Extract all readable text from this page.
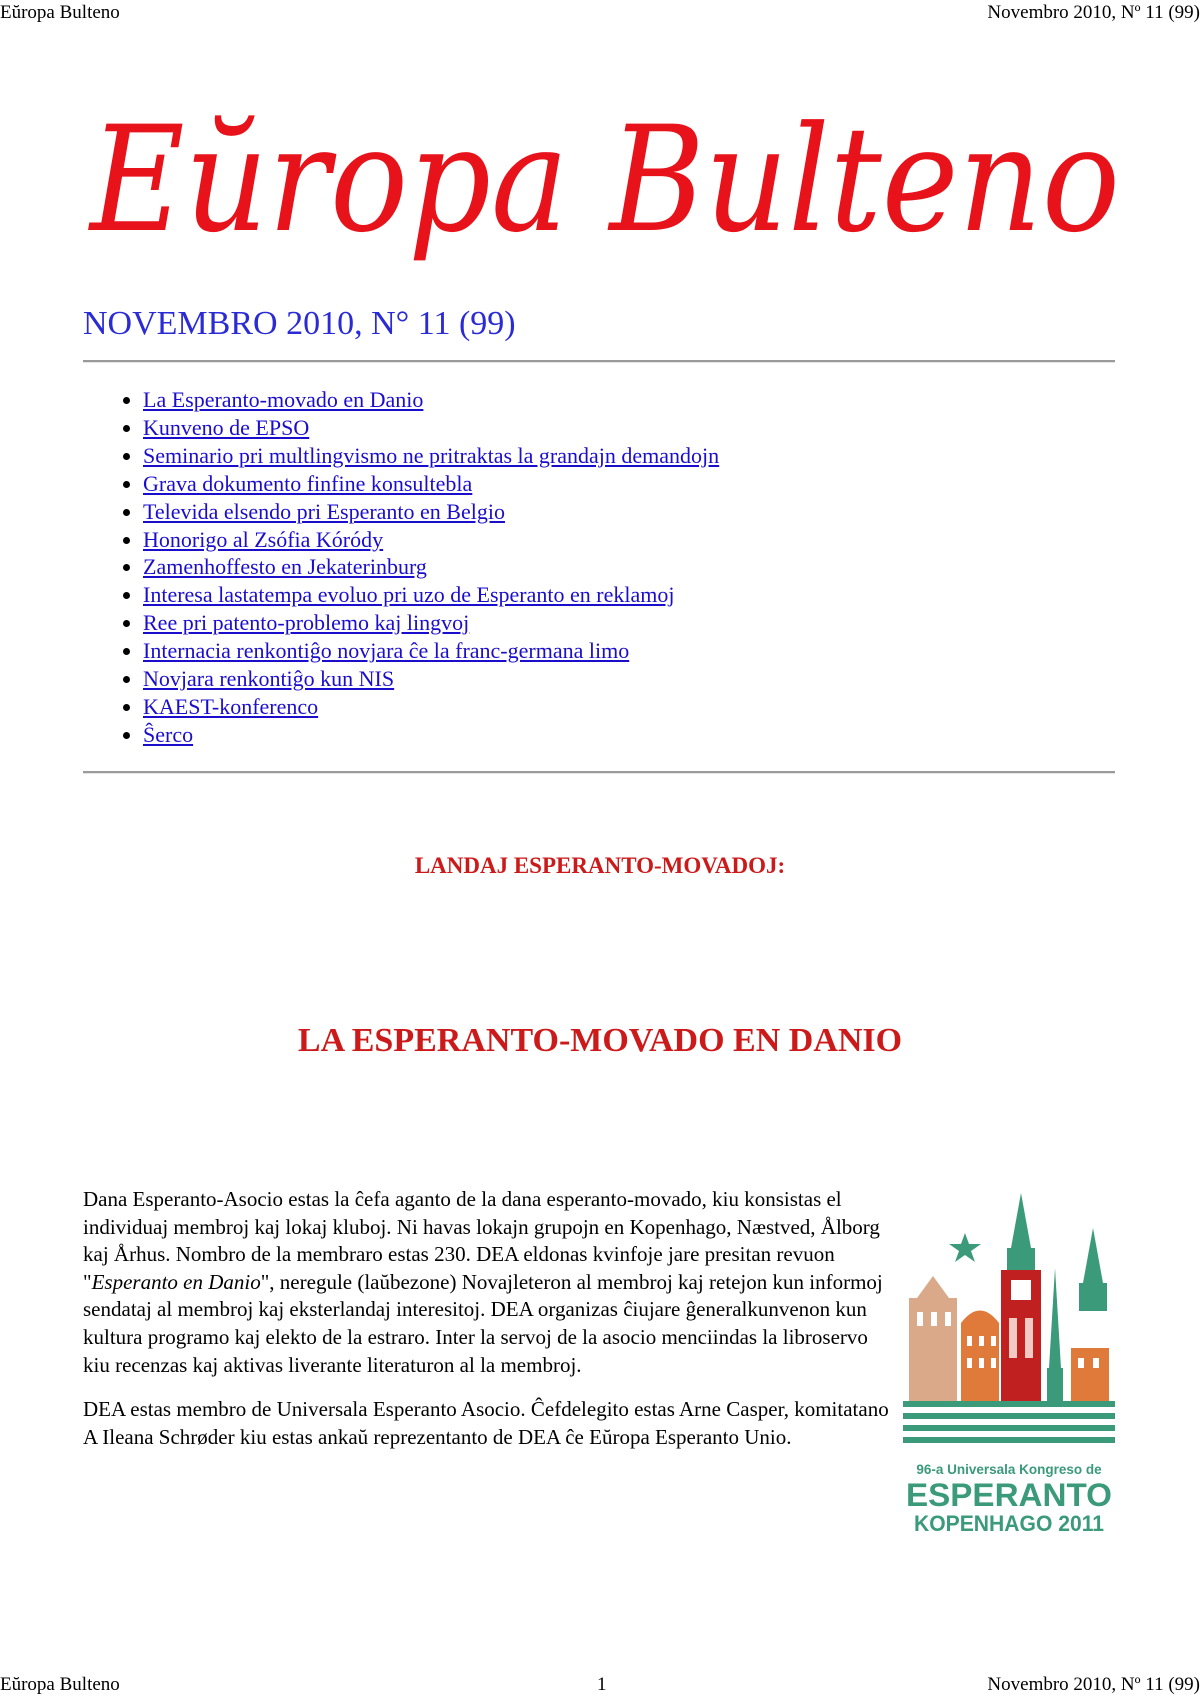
Eŭropa Bulteno	Novembro 2010, Nº 11 (99)
Eŭropa Bulteno
NOVEMBRO 2010, N° 11 (99)
• La Esperanto-movado en Danio
• Kunveno de EPSO
• Seminario pri multlingvismo ne pritraktas la grandajn demandojn
• Grava dokumento finfine konsultebla
• Televida elsendo pri Esperanto en Belgio
• Honorigo al Zsófia Kóródy
• Zamenhoffesto en Jekaterinburg
• Interesa lastatempa evoluo pri uzo de Esperanto en reklamoj
• Ree pri patento-problemo kaj lingvoj
• Internacia renkontiĝo novjara ĉe la franc-germana limo
• Novjara renkontiĝo kun NIS
• KAEST-konferenco
• Ŝerco
LANDAJ ESPERANTO-MOVADOJ:
LA ESPERANTO-MOVADO EN DANIO

Dana Esperanto-Asocio estas la ĉefa aganto de la dana esperanto-movado, kiu konsistas el individuaj membroj kaj lokaj kluboj. Ni havas lokajn grupojn en Kopenhago, Næstved, Ålborg kaj Århus. Nombro de la membraro estas 230. DEA eldonas kvinfoje jare presitan revuon "Esperanto en Danio", neregule (laŭbezone) Novajleteron al membroj kaj retejon kun informoj sendataj al membroj kaj eksterlandaj interesitoj. DEA organizas ĉiujare ĝeneralkunvenon kun kultura programo kaj elekto de la estraro. Inter la servoj de la asocio menciindas la libroservo kiu recenzas kaj aktivas liverante literaturon al la membroj.

DEA estas membro de Universala Esperanto Asocio. Ĉefdelegito estas Arne Casper, komitatano A Ileana Schrøder kiu estas ankaŭ reprezentanto de DEA ĉe Eŭropa Esperanto Unio.

96-a Universala Kongreso de
ESPERANTO
KOPENHAGO 2011
Eŭropa Bulteno	1	Novembro 2010, Nº 11 (99)
